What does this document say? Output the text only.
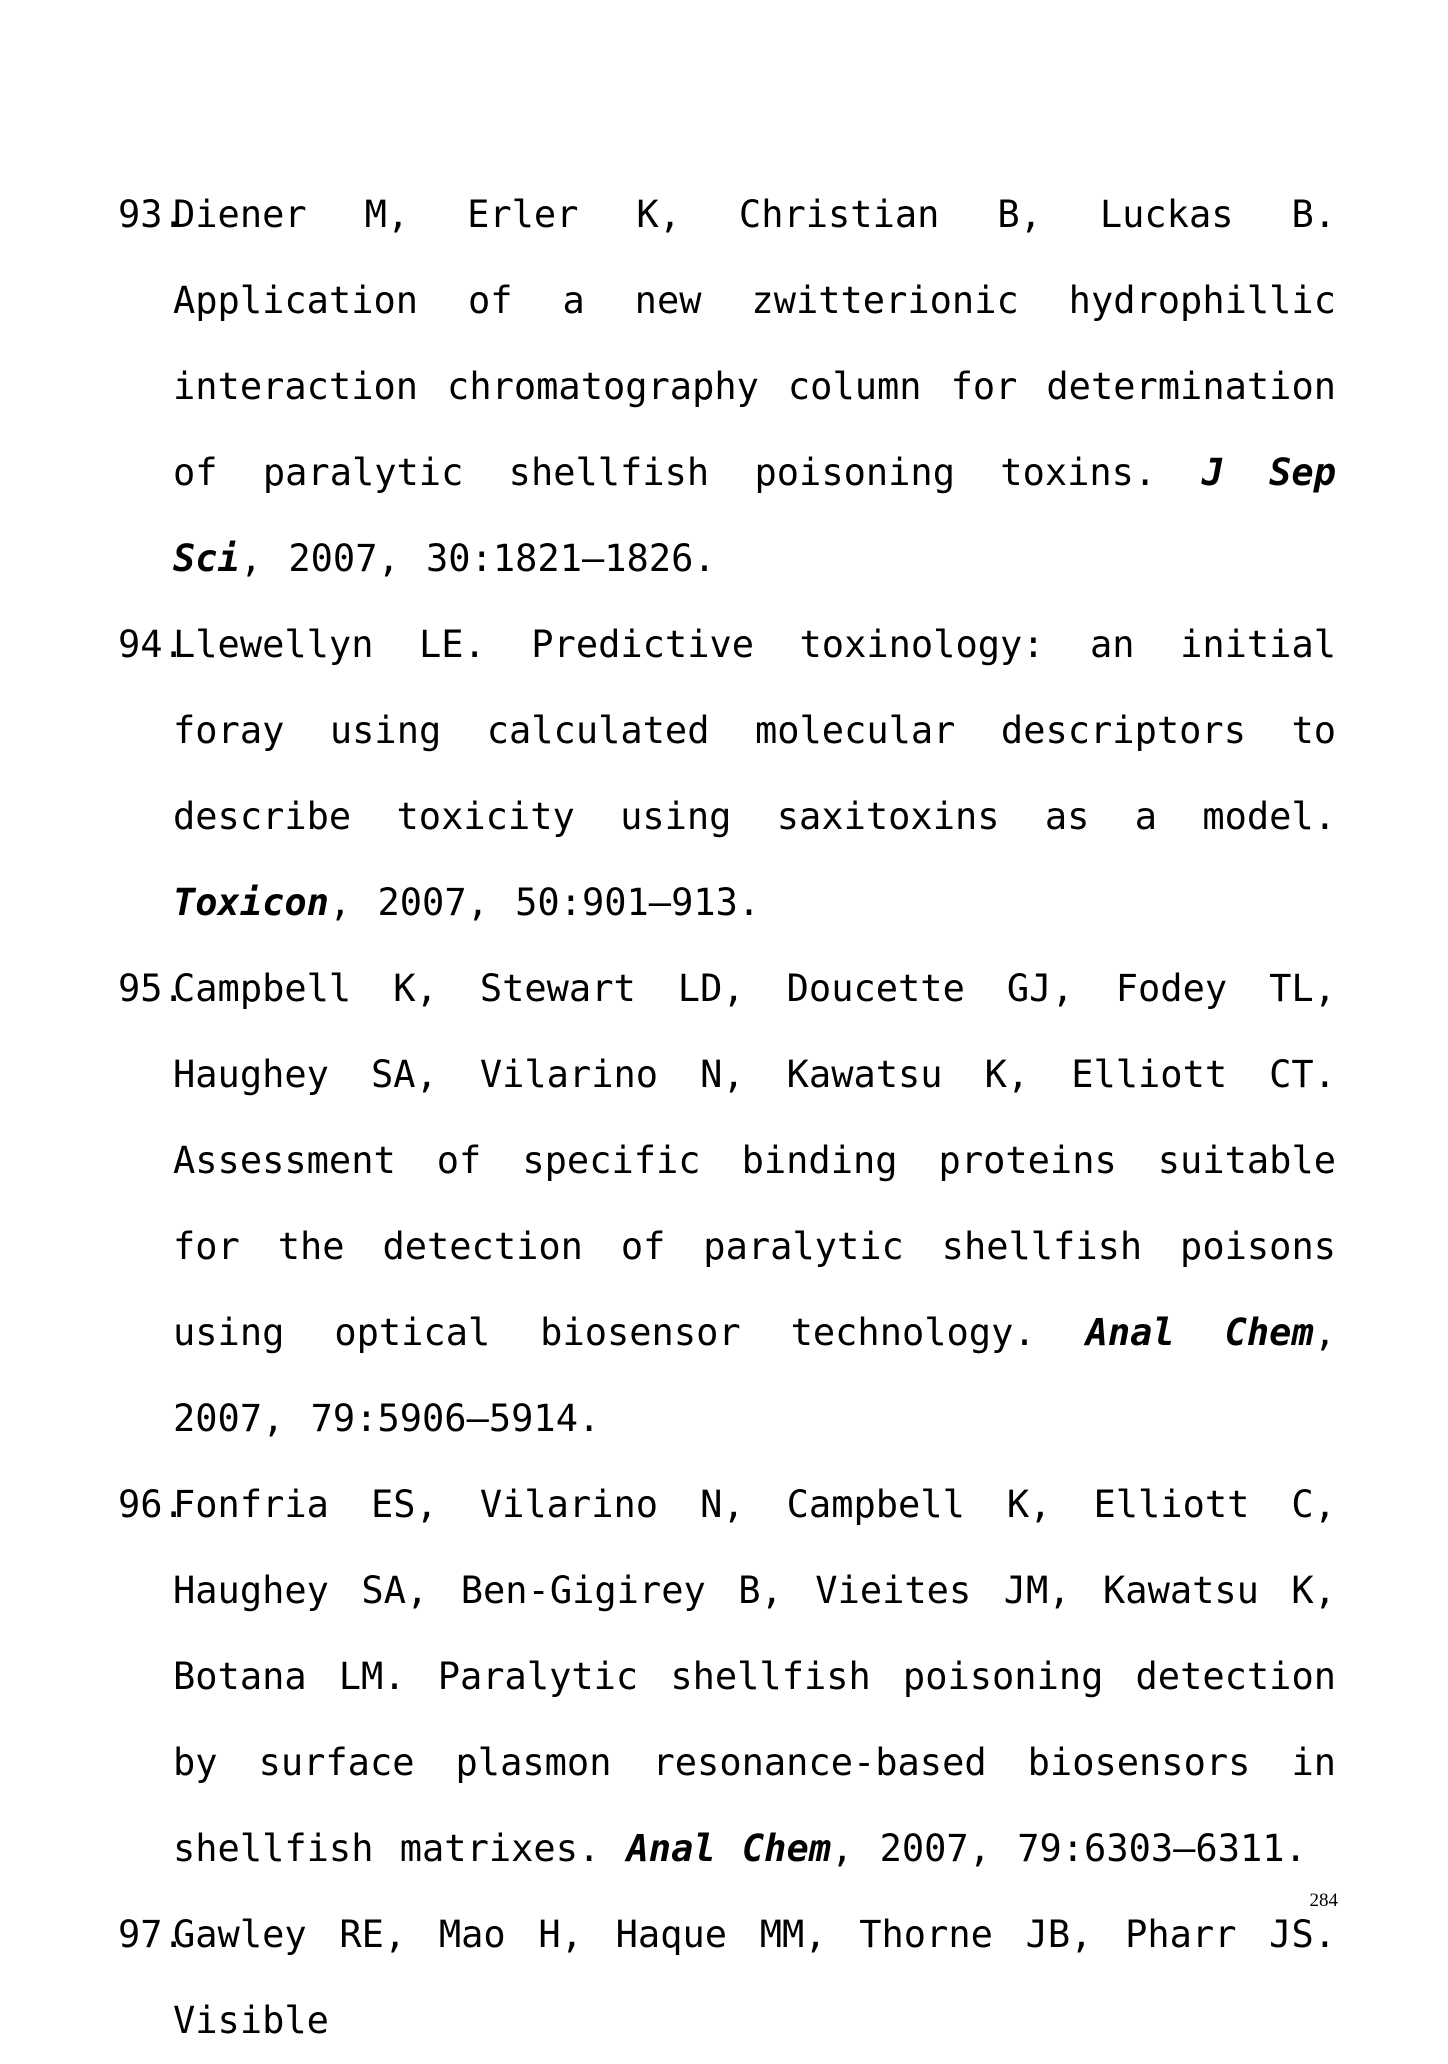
93.
Diener M, Erler K, Christian B, Luckas B. Application of a new zwitterionic hydrophillic interaction chromatography column for determination of paralytic shellfish poisoning toxins. J Sep Sci, 2007, 30:1821–1826.
94.
Llewellyn LE. Predictive toxinology: an initial foray using calculated molecular descriptors to describe toxicity using saxitoxins as a model. Toxicon, 2007, 50:901–913.
95.
Campbell K, Stewart LD, Doucette GJ, Fodey TL, Haughey SA, Vilarino N, Kawatsu K, Elliott CT. Assessment of specific binding proteins suitable for the detection of paralytic shellfish poisons using optical biosensor technology. Anal Chem, 2007, 79:5906–5914.
96.
Fonfria ES, Vilarino N, Campbell K, Elliott C, Haughey SA, Ben-Gigirey B, Vieites JM, Kawatsu K, Botana LM. Paralytic shellfish poisoning detection by surface plasmon resonance-based biosensors in shellfish matrixes. Anal Chem, 2007, 79:6303–6311.
97.
Gawley RE, Mao H, Haque MM, Thorne JB, Pharr JS. Visible
284
